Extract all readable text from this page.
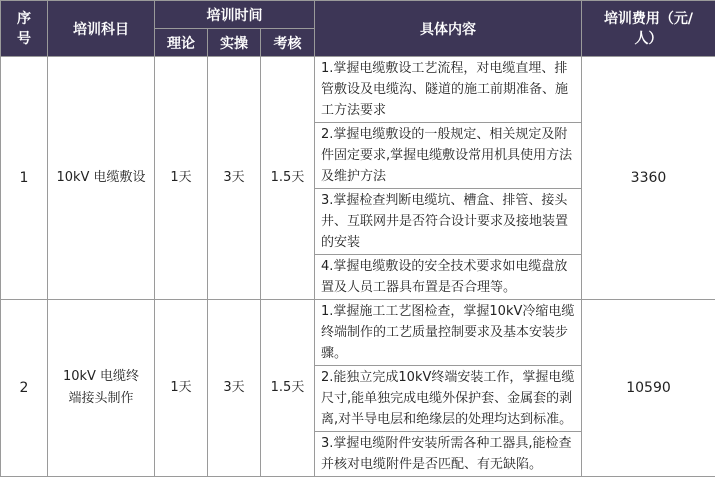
序号	培训科目	培训时间			具体内容	培训费用（元/人）
		理论	实操	考核		
1	10kV 电缆敷设	1天	3天	1.5天	1.掌握电缆敷设工艺流程，对电缆直埋、排管敷设及电缆沟、隧道的施工前期准备、施工方法要求	3360
					2.掌握电缆敷设的一般规定、相关规定及附件固定要求,掌握电缆敷设常用机具使用方法及维护方法	
					3.掌握检查判断电缆坑、槽盒、排管、接头井、互联网井是否符合设计要求及接地装置的安装	
					4.掌握电缆敷设的安全技术要求如电缆盘放置及人员工器具布置是否合理等。	
2	10kV 电缆终端接头制作	1天	3天	1.5天	1.掌握施工工艺图检查，掌握10kV冷缩电缆终端制作的工艺质量控制要求及基本安装步骤。	10590
					2.能独立完成10kV终端安装工作，掌握电缆尺寸,能单独完成电缆外保护套、金属套的剥离,对半导电层和绝缘层的处理均达到标准。	
					3.掌握电缆附件安装所需各种工器具,能检查并核对电缆附件是否匹配、有无缺陷。	
